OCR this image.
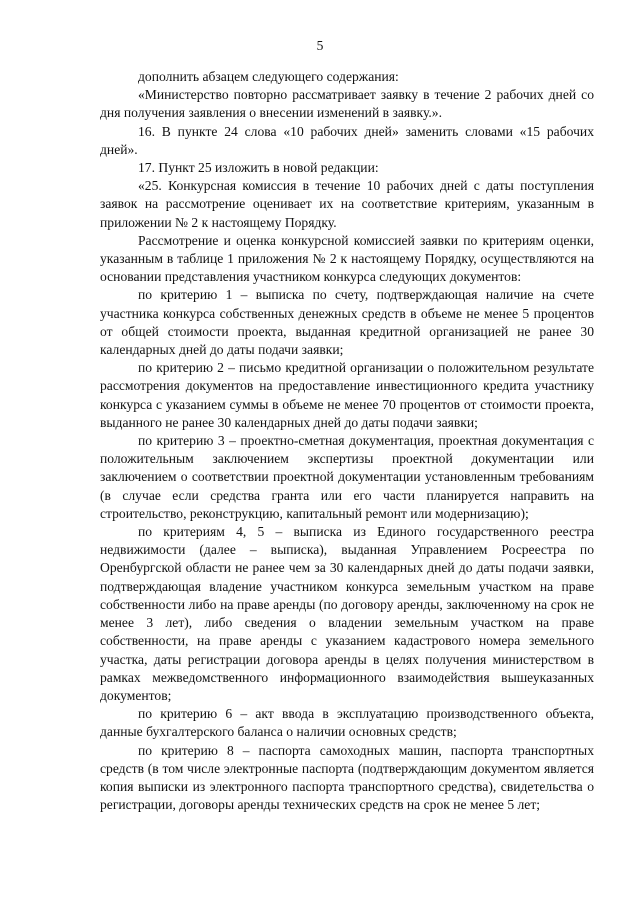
5

дополнить абзацем следующего содержания:

«Министерство повторно рассматривает заявку в течение 2 рабочих дней со дня получения заявления о внесении изменений в заявку.».

16. В пункте 24 слова «10 рабочих дней» заменить словами «15 рабочих дней».

17. Пункт 25 изложить в новой редакции:

«25. Конкурсная комиссия в течение 10 рабочих дней с даты поступления заявок на рассмотрение оценивает их на соответствие критериям, указанным в приложении № 2 к настоящему Порядку.

Рассмотрение и оценка конкурсной комиссией заявки по критериям оценки, указанным в таблице 1 приложения № 2 к настоящему Порядку, осуществляются на основании представления участником конкурса следующих документов:

по критерию 1 – выписка по счету, подтверждающая наличие на счете участника конкурса собственных денежных средств в объеме не менее 5 процентов от общей стоимости проекта, выданная кредитной организацией не ранее 30 календарных дней до даты подачи заявки;

по критерию 2 – письмо кредитной организации о положительном результате рассмотрения документов на предоставление инвестиционного кредита участнику конкурса с указанием суммы в объеме не менее 70 процентов от стоимости проекта, выданного не ранее 30 календарных дней до даты подачи заявки;

по критерию 3 – проектно-сметная документация, проектная документация с положительным заключением экспертизы проектной документации или заключением о соответствии проектной документации установленным требованиям (в случае если средства гранта или его части планируется направить на строительство, реконструкцию, капитальный ремонт или модернизацию);

по критериям 4, 5 – выписка из Единого государственного реестра недвижимости (далее – выписка), выданная Управлением Росреестра по Оренбургской области не ранее чем за 30 календарных дней до даты подачи заявки, подтверждающая владение участником конкурса земельным участком на праве собственности либо на праве аренды (по договору аренды, заключенному на срок не менее 3 лет), либо сведения о владении земельным участком на праве собственности, на праве аренды с указанием кадастрового номера земельного участка, даты регистрации договора аренды в целях получения министерством в рамках межведомственного информационного взаимодействия вышеуказанных документов;

по критерию 6 – акт ввода в эксплуатацию производственного объекта, данные бухгалтерского баланса о наличии основных средств;

по критерию 8 – паспорта самоходных машин, паспорта транспортных средств (в том числе электронные паспорта (подтверждающим документом является копия выписки из электронного паспорта транспортного средства), свидетельства о регистрации, договоры аренды технических средств на срок не менее 5 лет;
